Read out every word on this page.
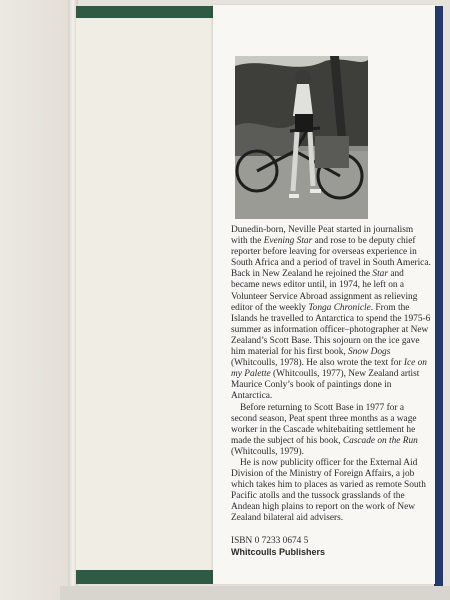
Dunedin-born, Neville Peat started in journalism with the Evening Star and rose to be deputy chief reporter before leaving for overseas experience in South Africa and a period of travel in South America. Back in New Zealand he rejoined the Star and became news editor until, in 1974, he left on a Volunteer Service Abroad assignment as relieving editor of the weekly Tonga Chronicle. From the Islands he travelled to Antarctica to spend the 1975-6 summer as information officer–photographer at New Zealand’s Scott Base. This sojourn on the ice gave him material for his first book, Snow Dogs (Whitcoulls, 1978). He also wrote the text for Ice on my Palette (Whitcoulls, 1977), New Zealand artist Maurice Conly’s book of paintings done in Antarctica.

Before returning to Scott Base in 1977 for a second season, Peat spent three months as a wage worker in the Cascade whitebaiting settlement he made the subject of his book, Cascade on the Run (Whitcoulls, 1979).

He is now publicity officer for the External Aid Division of the Ministry of Foreign Affairs, a job which takes him to places as varied as remote South Pacific atolls and the tussock grasslands of the Andean high plains to report on the work of New Zealand bilateral aid advisers.

ISBN 0 7233 0674 5

Whitcoulls Publishers
